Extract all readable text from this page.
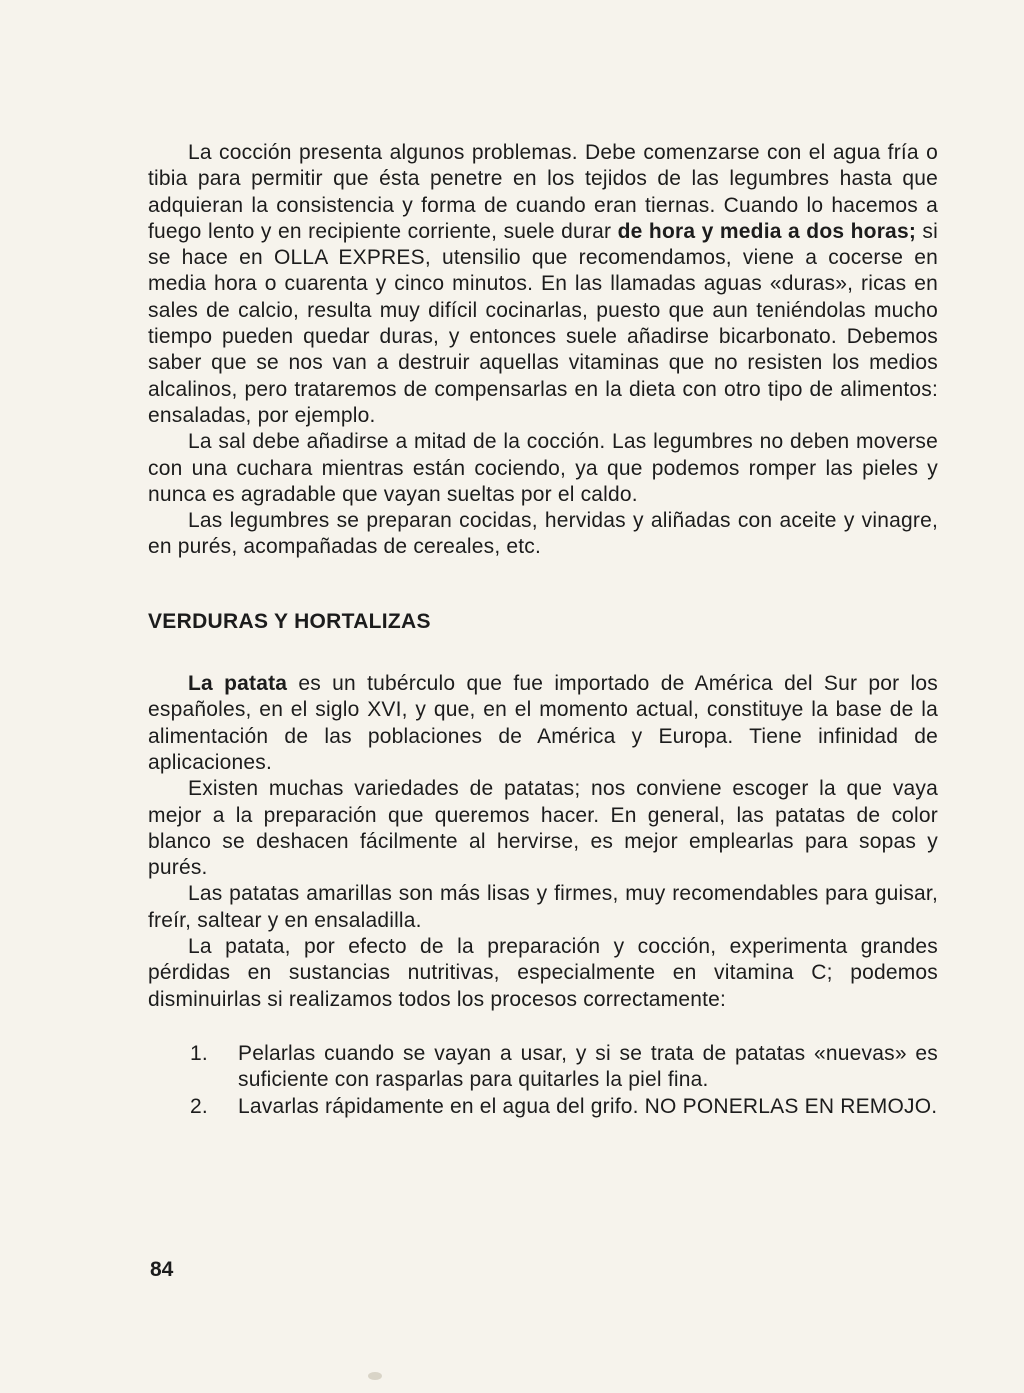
La cocción presenta algunos problemas. Debe comenzarse con el agua fría o tibia para permitir que ésta penetre en los tejidos de las legumbres hasta que adquieran la consistencia y forma de cuando eran tiernas. Cuando lo hacemos a fuego lento y en recipiente corriente, suele durar de hora y media a dos horas; si se hace en OLLA EXPRES, utensilio que recomendamos, viene a cocerse en media hora o cuarenta y cinco minutos. En las llamadas aguas «duras», ricas en sales de calcio, resulta muy difícil cocinarlas, puesto que aun teniéndolas mucho tiempo pueden quedar duras, y entonces suele añadirse bicarbonato. Debemos saber que se nos van a destruir aquellas vitaminas que no resisten los medios alcalinos, pero trataremos de compensarlas en la dieta con otro tipo de alimentos: ensaladas, por ejemplo.

La sal debe añadirse a mitad de la cocción. Las legumbres no deben moverse con una cuchara mientras están cociendo, ya que podemos romper las pieles y nunca es agradable que vayan sueltas por el caldo.

Las legumbres se preparan cocidas, hervidas y aliñadas con aceite y vinagre, en purés, acompañadas de cereales, etc.

VERDURAS Y HORTALIZAS

La patata es un tubérculo que fue importado de América del Sur por los españoles, en el siglo XVI, y que, en el momento actual, constituye la base de la alimentación de las poblaciones de América y Europa. Tiene infinidad de aplicaciones.

Existen muchas variedades de patatas; nos conviene escoger la que vaya mejor a la preparación que queremos hacer. En general, las patatas de color blanco se deshacen fácilmente al hervirse, es mejor emplearlas para sopas y purés.

Las patatas amarillas son más lisas y firmes, muy recomendables para guisar, freír, saltear y en ensaladilla.

La patata, por efecto de la preparación y cocción, experimenta grandes pérdidas en sustancias nutritivas, especialmente en vitamina C; podemos disminuirlas si realizamos todos los procesos correctamente:

1.	Pelarlas cuando se vayan a usar, y si se trata de patatas «nuevas» es suficiente con rasparlas para quitarles la piel fina.
2.	Lavarlas rápidamente en el agua del grifo. NO PONERLAS EN REMOJO.
84
